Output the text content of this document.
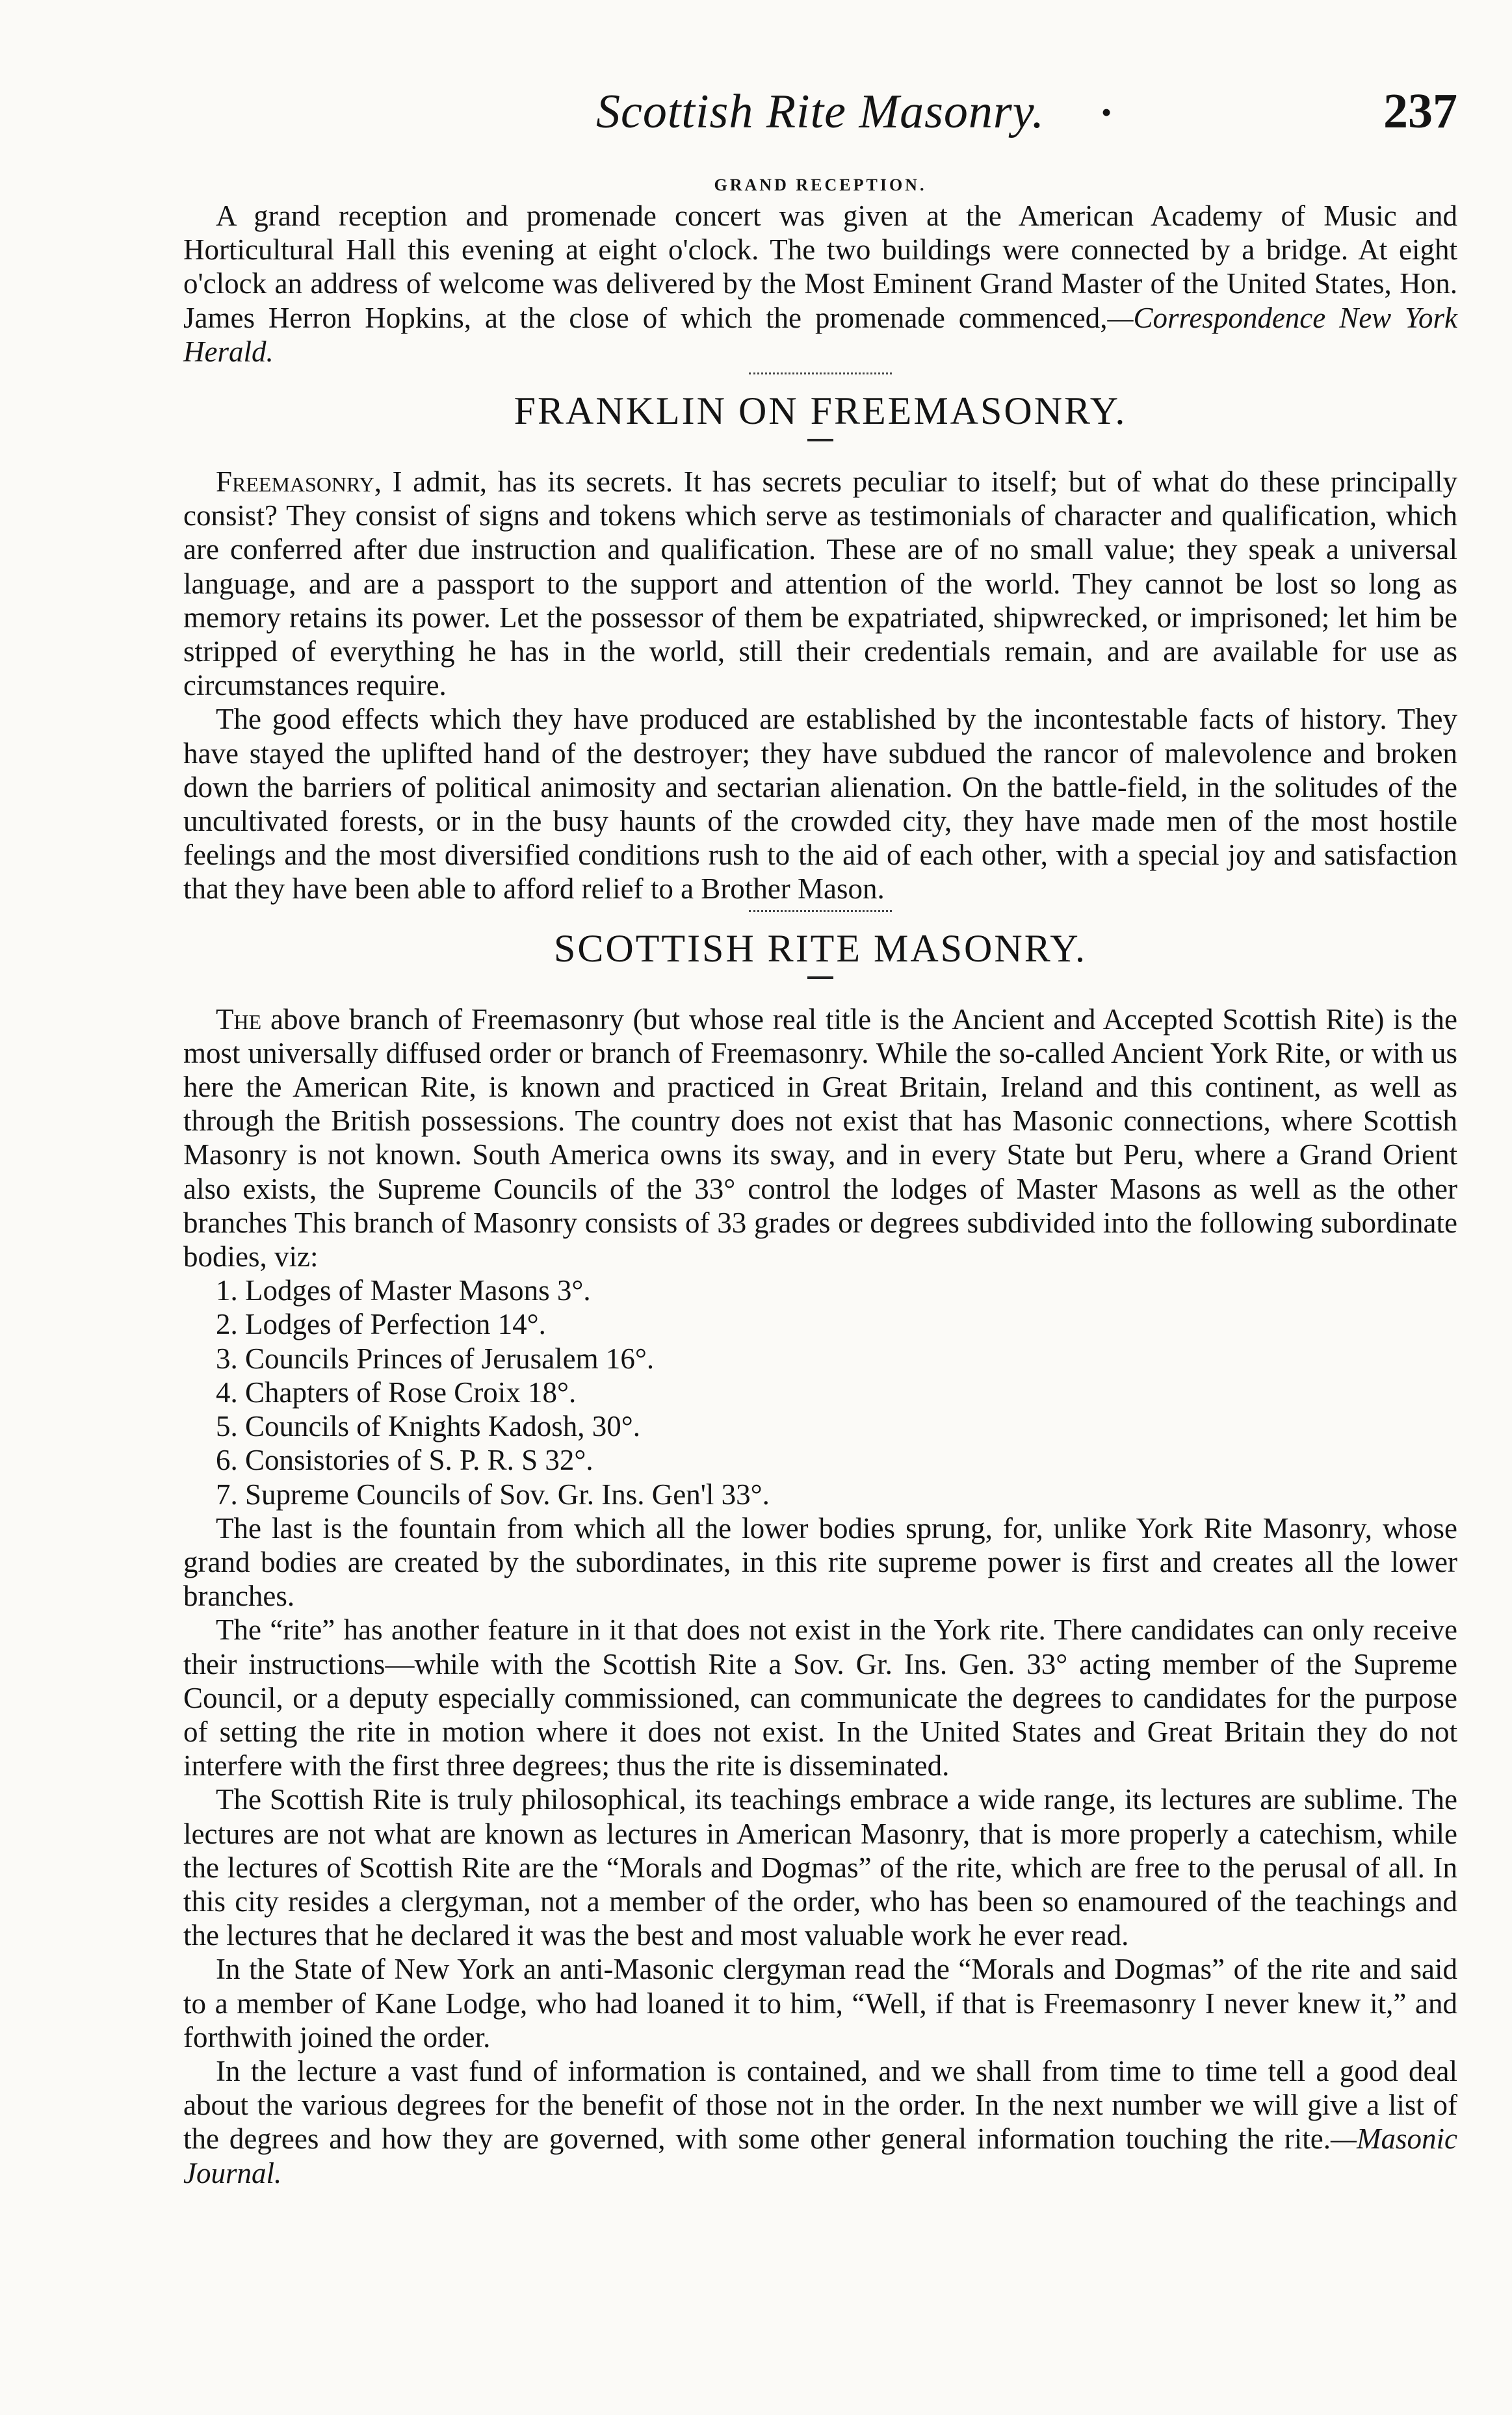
Scottish Rite Masonry.	•	237
GRAND RECEPTION.

A grand reception and promenade concert was given at the American Academy of Music and Horticultural Hall this evening at eight o'clock. The two buildings were connected by a bridge. At eight o'clock an address of welcome was delivered by the Most Eminent Grand Master of the United States, Hon. James Herron Hopkins, at the close of which the promenade commenced,—Correspondence New York Herald.

FRANKLIN ON FREEMASONRY.

Freemasonry, I admit, has its secrets. It has secrets peculiar to itself; but of what do these principally consist? They consist of signs and tokens which serve as testimonials of character and qualification, which are conferred after due instruction and qualification. These are of no small value; they speak a universal language, and are a passport to the support and attention of the world. They cannot be lost so long as memory retains its power. Let the possessor of them be expatriated, shipwrecked, or imprisoned; let him be stripped of everything he has in the world, still their credentials remain, and are available for use as circumstances require.

The good effects which they have produced are established by the incontestable facts of history. They have stayed the uplifted hand of the destroyer; they have subdued the rancor of malevolence and broken down the barriers of political animosity and sectarian alienation. On the battle-field, in the solitudes of the uncultivated forests, or in the busy haunts of the crowded city, they have made men of the most hostile feelings and the most diversified conditions rush to the aid of each other, with a special joy and satisfaction that they have been able to afford relief to a Brother Mason.

SCOTTISH RITE MASONRY.

The above branch of Freemasonry (but whose real title is the Ancient and Accepted Scottish Rite) is the most universally diffused order or branch of Freemasonry. While the so-called Ancient York Rite, or with us here the American Rite, is known and practiced in Great Britain, Ireland and this continent, as well as through the British possessions. The country does not exist that has Masonic connections, where Scottish Masonry is not known. South America owns its sway, and in every State but Peru, where a Grand Orient also exists, the Supreme Councils of the 33° control the lodges of Master Masons as well as the other branches This branch of Masonry consists of 33 grades or degrees subdivided into the following subordinate bodies, viz:

1. Lodges of Master Masons 3°.
2. Lodges of Perfection 14°.
3. Councils Princes of Jerusalem 16°.
4. Chapters of Rose Croix 18°.
5. Councils of Knights Kadosh, 30°.
6. Consistories of S. P. R. S 32°.
7. Supreme Councils of Sov. Gr. Ins. Gen'l 33°.

The last is the fountain from which all the lower bodies sprung, for, unlike York Rite Masonry, whose grand bodies are created by the subordinates, in this rite supreme power is first and creates all the lower branches.

The “rite” has another feature in it that does not exist in the York rite. There candidates can only receive their instructions—while with the Scottish Rite a Sov. Gr. Ins. Gen. 33° acting member of the Supreme Council, or a deputy especially commissioned, can communicate the degrees to candidates for the purpose of setting the rite in motion where it does not exist. In the United States and Great Britain they do not interfere with the first three degrees; thus the rite is disseminated.

The Scottish Rite is truly philosophical, its teachings embrace a wide range, its lectures are sublime. The lectures are not what are known as lectures in American Masonry, that is more properly a catechism, while the lectures of Scottish Rite are the “Morals and Dogmas” of the rite, which are free to the perusal of all. In this city resides a clergyman, not a member of the order, who has been so enamoured of the teachings and the lectures that he declared it was the best and most valuable work he ever read.

In the State of New York an anti-Masonic clergyman read the “Morals and Dogmas” of the rite and said to a member of Kane Lodge, who had loaned it to him, “Well, if that is Freemasonry I never knew it,” and forthwith joined the order.

In the lecture a vast fund of information is contained, and we shall from time to time tell a good deal about the various degrees for the benefit of those not in the order. In the next number we will give a list of the degrees and how they are governed, with some other general information touching the rite.—Masonic Journal.
